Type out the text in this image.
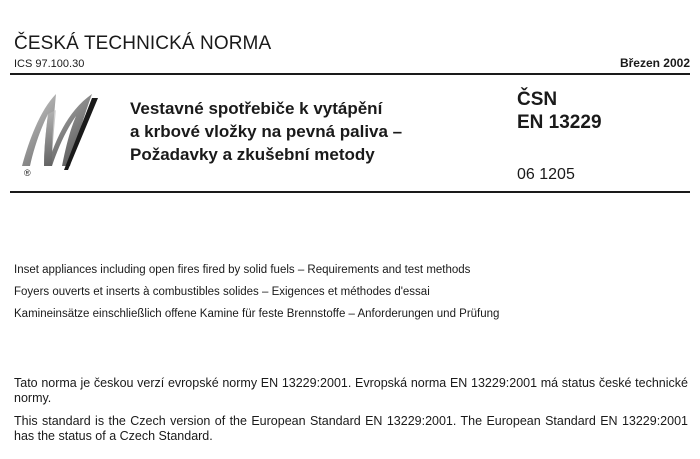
ČESKÁ TECHNICKÁ NORMA
ICS 97.100.30	Březen 2002
®
Vestavné spotřebiče k vytápění
a krbové vložky na pevná paliva –
Požadavky a zkušební metody
ČSN
EN 13229
06 1205
Inset appliances including open fires fired by solid fuels – Requirements and test methods
Foyers ouverts et inserts à combustibles solides – Exigences et méthodes d'essai
Kamineinsätze einschließlich offene Kamine für feste Brennstoffe – Anforderungen und Prüfung
Tato norma je českou verzí evropské normy EN 13229:2001. Evropská norma EN 13229:2001 má status české technické normy.
This standard is the Czech version of the European Standard EN 13229:2001. The European Standard EN 13229:2001 has the status of a Czech Standard.
